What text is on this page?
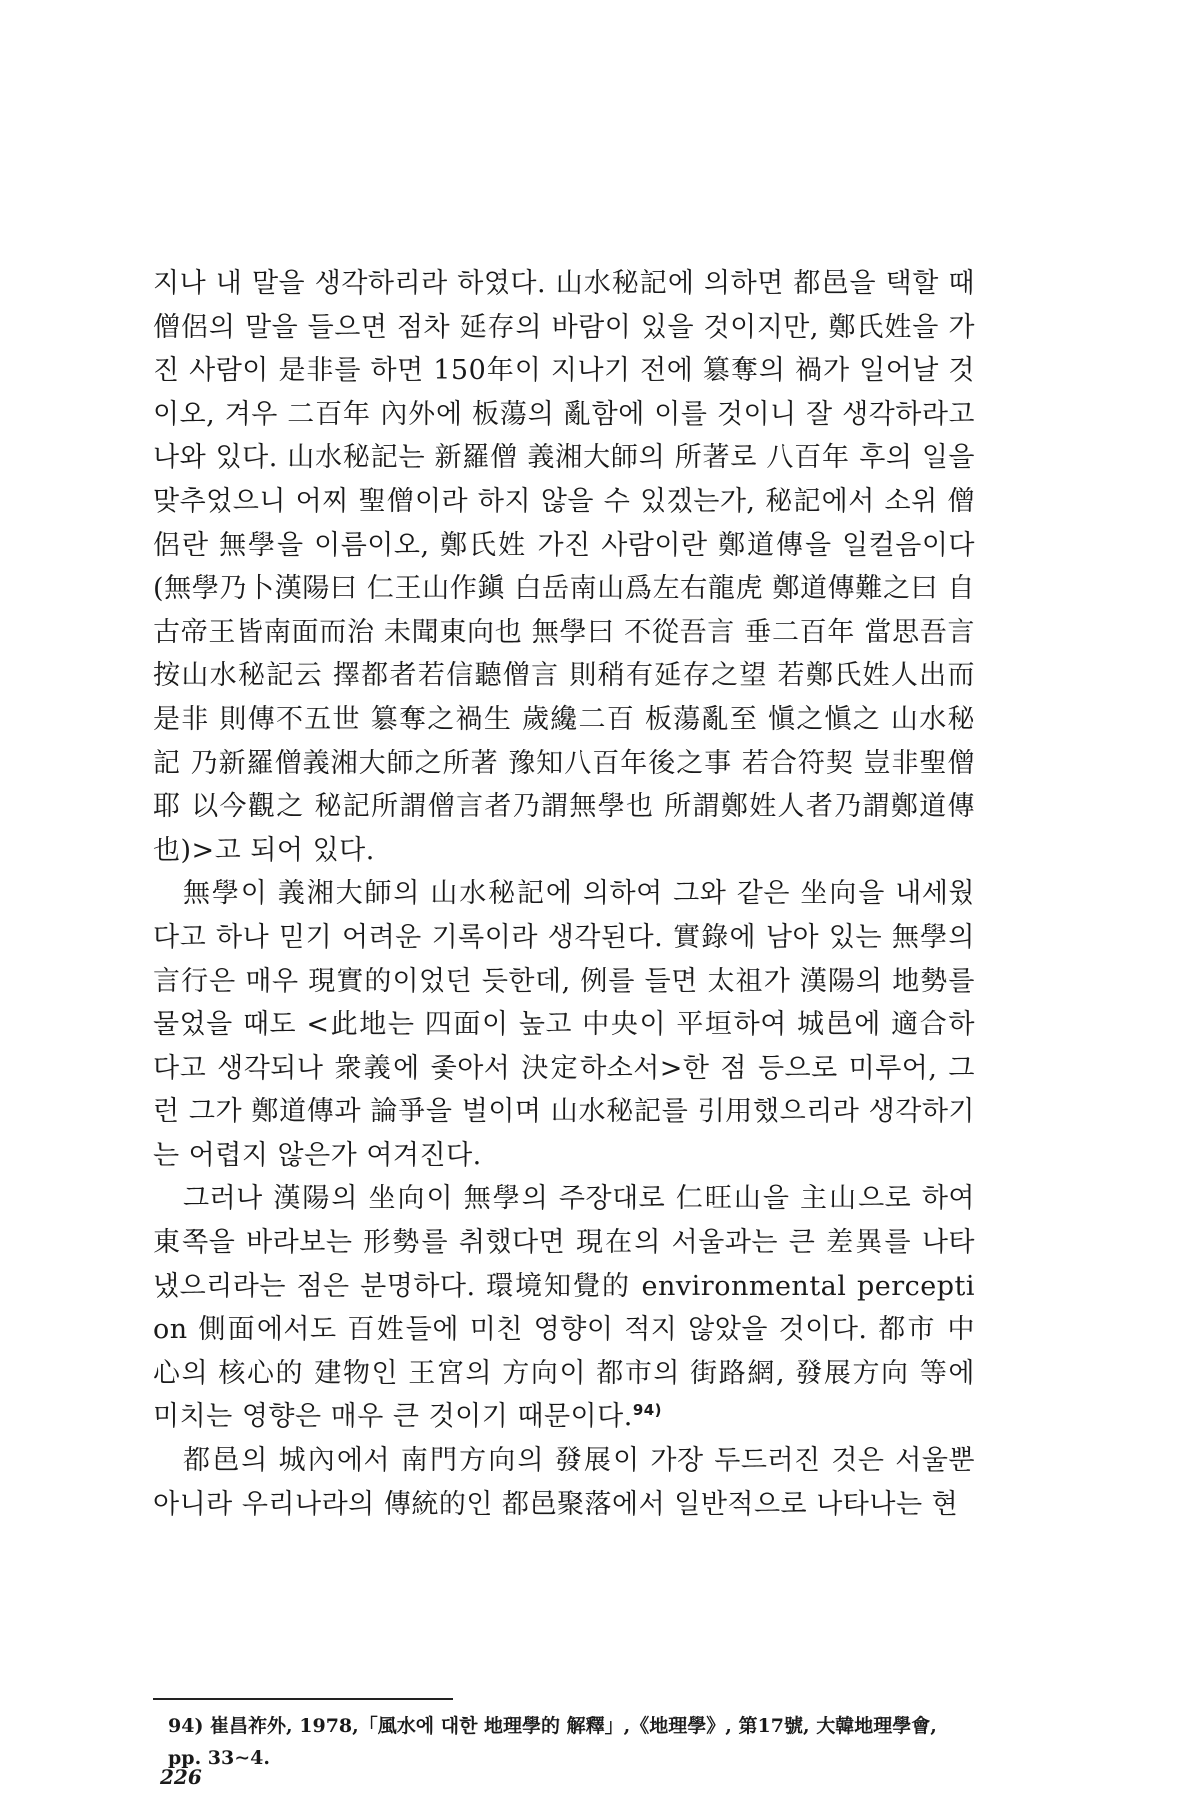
지나 내 말을 생각하리라 하였다. 山水秘記에 의하면 都邑을 택할 때 僧侶의 말을 들으면 점차 延存의 바람이 있을 것이지만, 鄭氏姓을 가진 사람이 是非를 하면 150年이 지나기 전에 簒奪의 禍가 일어날 것이오, 겨우 二百年 內外에 板蕩의 亂함에 이를 것이니 잘 생각하라고 나와 있다. 山水秘記는 新羅僧 義湘大師의 所著로 八百年 후의 일을 맞추었으니 어찌 聖僧이라 하지 않을 수 있겠는가, 秘記에서 소위 僧侶란 無學을 이름이오, 鄭氏姓 가진 사람이란 鄭道傳을 일컬음이다(無學乃卜漢陽曰 仁王山作鎭 白岳南山爲左右龍虎 鄭道傳難之曰 自古帝王皆南面而治 未聞東向也 無學曰 不從吾言 垂二百年 當思吾言 按山水秘記云 擇都者若信聽僧言 則稍有延存之望 若鄭氏姓人出而是非 則傳不五世 簒奪之禍生 歲纔二百 板蕩亂至 愼之愼之 山水秘記 乃新羅僧義湘大師之所著 豫知八百年後之事 若合符契 豈非聖僧耶 以今觀之 秘記所謂僧言者乃謂無學也 所謂鄭姓人者乃謂鄭道傳也)>고 되어 있다.

無學이 義湘大師의 山水秘記에 의하여 그와 같은 坐向을 내세웠다고 하나 믿기 어려운 기록이라 생각된다. 實錄에 남아 있는 無學의 言行은 매우 現實的이었던 듯한데, 例를 들면 太祖가 漢陽의 地勢를 물었을 때도 <此地는 四面이 높고 中央이 平垣하여 城邑에 適合하다고 생각되나 衆義에 좇아서 決定하소서>한 점 등으로 미루어, 그런 그가 鄭道傳과 論爭을 벌이며 山水秘記를 引用했으리라 생각하기는 어렵지 않은가 여겨진다.

그러나 漢陽의 坐向이 無學의 주장대로 仁旺山을 主山으로 하여 東쪽을 바라보는 形勢를 취했다면 現在의 서울과는 큰 差異를 나타냈으리라는 점은 분명하다. 環境知覺的 environmental perception 側面에서도 百姓들에 미친 영향이 적지 않았을 것이다. 都市 中心의 核心的 建物인 王宮의 方向이 都市의 街路網, 發展方向 等에 미치는 영향은 매우 큰 것이기 때문이다.$^{94)}$

都邑의 城內에서 南門方向의 發展이 가장 두드러진 것은 서울뿐 아니라 우리나라의 傳統的인 都邑聚落에서 일반적으로 나타나는 현

94) 崔昌祚外, 1978,「風水에 대한 地理學的 解釋」,《地理學》, 第17號, 大韓地理學會,
pp. 33∼4.
226
